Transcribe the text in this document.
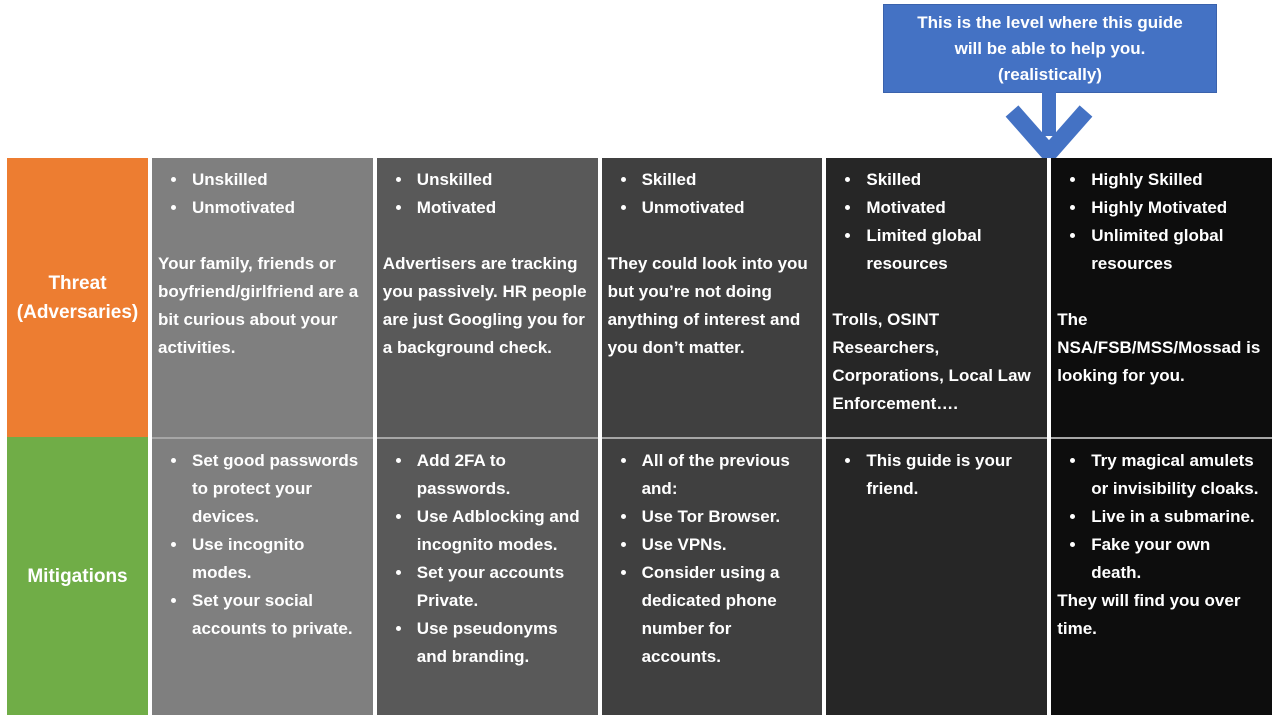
This is the level where this guide
will be able to help you.
(realistically)
Threat
(Adversaries)
Mitigations
• Unskilled
• Unmotivated

Your family, friends or boyfriend/girlfriend are a bit curious about your activities.

• Set good passwords to protect your devices.
• Use incognito modes.
• Set your social accounts to private.
• Unskilled
• Motivated

Advertisers are tracking you passively. HR people are just Googling you for a background check.

• Add 2FA to passwords.
• Use Adblocking and incognito modes.
• Set your accounts Private.
• Use pseudonyms and branding.
• Skilled
• Unmotivated

They could look into you but you’re not doing anything of interest and you don’t matter.

• All of the previous and:
• Use Tor Browser.
• Use VPNs.
• Consider using a dedicated phone number for accounts.
• Skilled
• Motivated
• Limited global resources

Trolls, OSINT Researchers, Corporations, Local Law Enforcement….

• This guide is your friend.
• Highly Skilled
• Highly Motivated
• Unlimited global resources

The NSA/FSB/MSS/Mossad is looking for you.

• Try magical amulets or invisibility cloaks.
• Live in a submarine.
• Fake your own death.

They will find you over time.
